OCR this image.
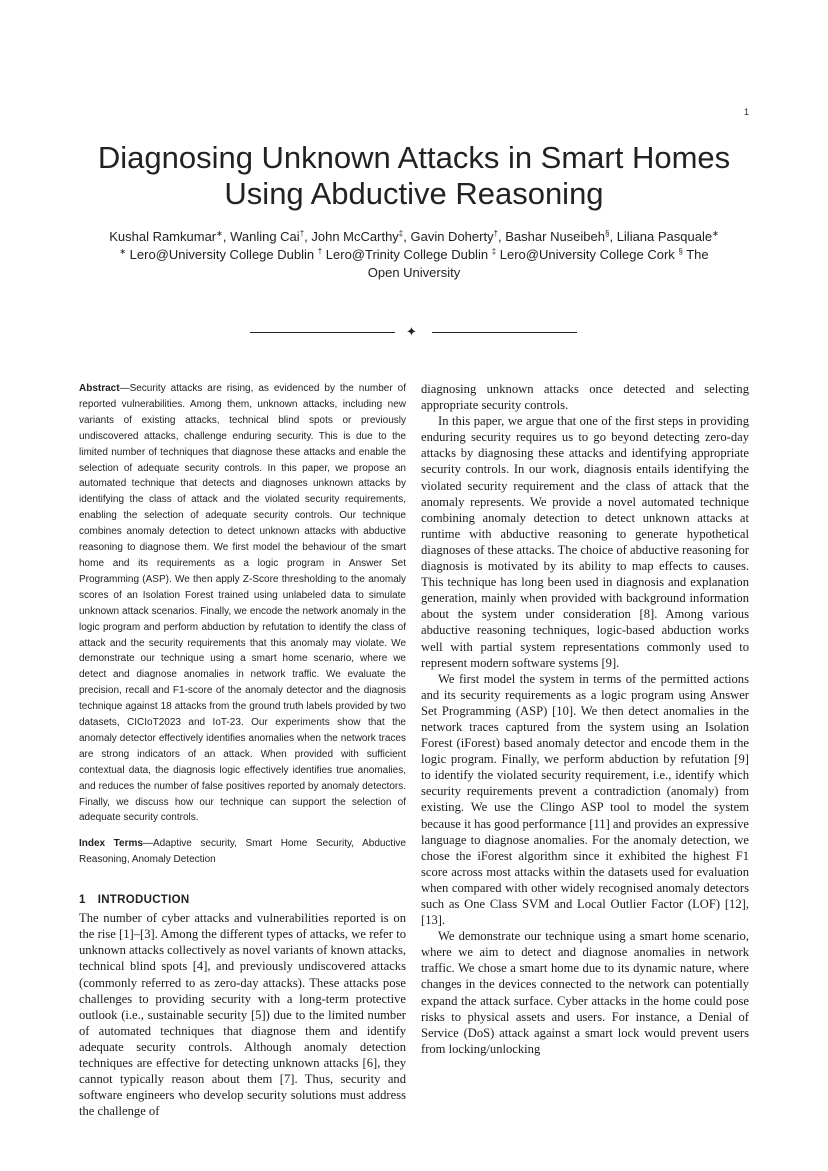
1
Diagnosing Unknown Attacks in Smart Homes
Using Abductive Reasoning
Kushal Ramkumar∗, Wanling Cai†, John McCarthy‡, Gavin Doherty†, Bashar Nuseibeh§, Liliana Pasquale∗
∗ Lero@University College Dublin † Lero@Trinity College Dublin ‡ Lero@University College Cork § The
Open University
✦

Abstract—Security attacks are rising, as evidenced by the number of reported vulnerabilities. Among them, unknown attacks, including new variants of existing attacks, technical blind spots or previously undiscovered attacks, challenge enduring security. This is due to the limited number of techniques that diagnose these attacks and enable the selection of adequate security controls. In this paper, we propose an automated technique that detects and diagnoses unknown attacks by identifying the class of attack and the violated security requirements, enabling the selection of adequate security controls. Our technique combines anomaly detection to detect unknown attacks with abductive reasoning to diagnose them. We first model the behaviour of the smart home and its requirements as a logic program in Answer Set Programming (ASP). We then apply Z-Score thresholding to the anomaly scores of an Isolation Forest trained using unlabeled data to simulate unknown attack scenarios. Finally, we encode the network anomaly in the logic program and perform abduction by refutation to identify the class of attack and the security requirements that this anomaly may violate. We demonstrate our technique using a smart home scenario, where we detect and diagnose anomalies in network traffic. We evaluate the precision, recall and F1-score of the anomaly detector and the diagnosis technique against 18 attacks from the ground truth labels provided by two datasets, CICIoT2023 and IoT-23. Our experiments show that the anomaly detector effectively identifies anomalies when the network traces are strong indicators of an attack. When provided with sufficient contextual data, the diagnosis logic effectively identifies true anomalies, and reduces the number of false positives reported by anomaly detectors. Finally, we discuss how our technique can support the selection of adequate security controls.

Index Terms—Adaptive security, Smart Home Security, Abductive Reasoning, Anomaly Detection

1 INTRODUCTION

The number of cyber attacks and vulnerabilities reported is on the rise [1]–[3]. Among the different types of attacks, we refer to unknown attacks collectively as novel variants of known attacks, technical blind spots [4], and previously undiscovered attacks (commonly referred to as zero-day attacks). These attacks pose challenges to providing security with a long-term protective outlook (i.e., sustainable security [5]) due to the limited number of automated techniques that diagnose them and identify adequate security controls. Although anomaly detection techniques are effective for detecting unknown attacks [6], they cannot typically reason about them [7]. Thus, security and software engineers who develop security solutions must address the challenge of

diagnosing unknown attacks once detected and selecting appropriate security controls.

In this paper, we argue that one of the first steps in providing enduring security requires us to go beyond detecting zero-day attacks by diagnosing these attacks and identifying appropriate security controls. In our work, diagnosis entails identifying the violated security requirement and the class of attack that the anomaly represents. We provide a novel automated technique combining anomaly detection to detect unknown attacks at runtime with abductive reasoning to generate hypothetical diagnoses of these attacks. The choice of abductive reasoning for diagnosis is motivated by its ability to map effects to causes. This technique has long been used in diagnosis and explanation generation, mainly when provided with background information about the system under consideration [8]. Among various abductive reasoning techniques, logic-based abduction works well with partial system representations commonly used to represent modern software systems [9].

We first model the system in terms of the permitted actions and its security requirements as a logic program using Answer Set Programming (ASP) [10]. We then detect anomalies in the network traces captured from the system using an Isolation Forest (iForest) based anomaly detector and encode them in the logic program. Finally, we perform abduction by refutation [9] to identify the violated security requirement, i.e., identify which security requirements prevent a contradiction (anomaly) from existing. We use the Clingo ASP tool to model the system because it has good performance [11] and provides an expressive language to diagnose anomalies. For the anomaly detection, we chose the iForest algorithm since it exhibited the highest F1 score across most attacks within the datasets used for evaluation when compared with other widely recognised anomaly detectors such as One Class SVM and Local Outlier Factor (LOF) [12], [13].

We demonstrate our technique using a smart home scenario, where we aim to detect and diagnose anomalies in network traffic. We chose a smart home due to its dynamic nature, where changes in the devices connected to the network can potentially expand the attack surface. Cyber attacks in the home could pose risks to physical assets and users. For instance, a Denial of Service (DoS) attack against a smart lock would prevent users from locking/unlocking
